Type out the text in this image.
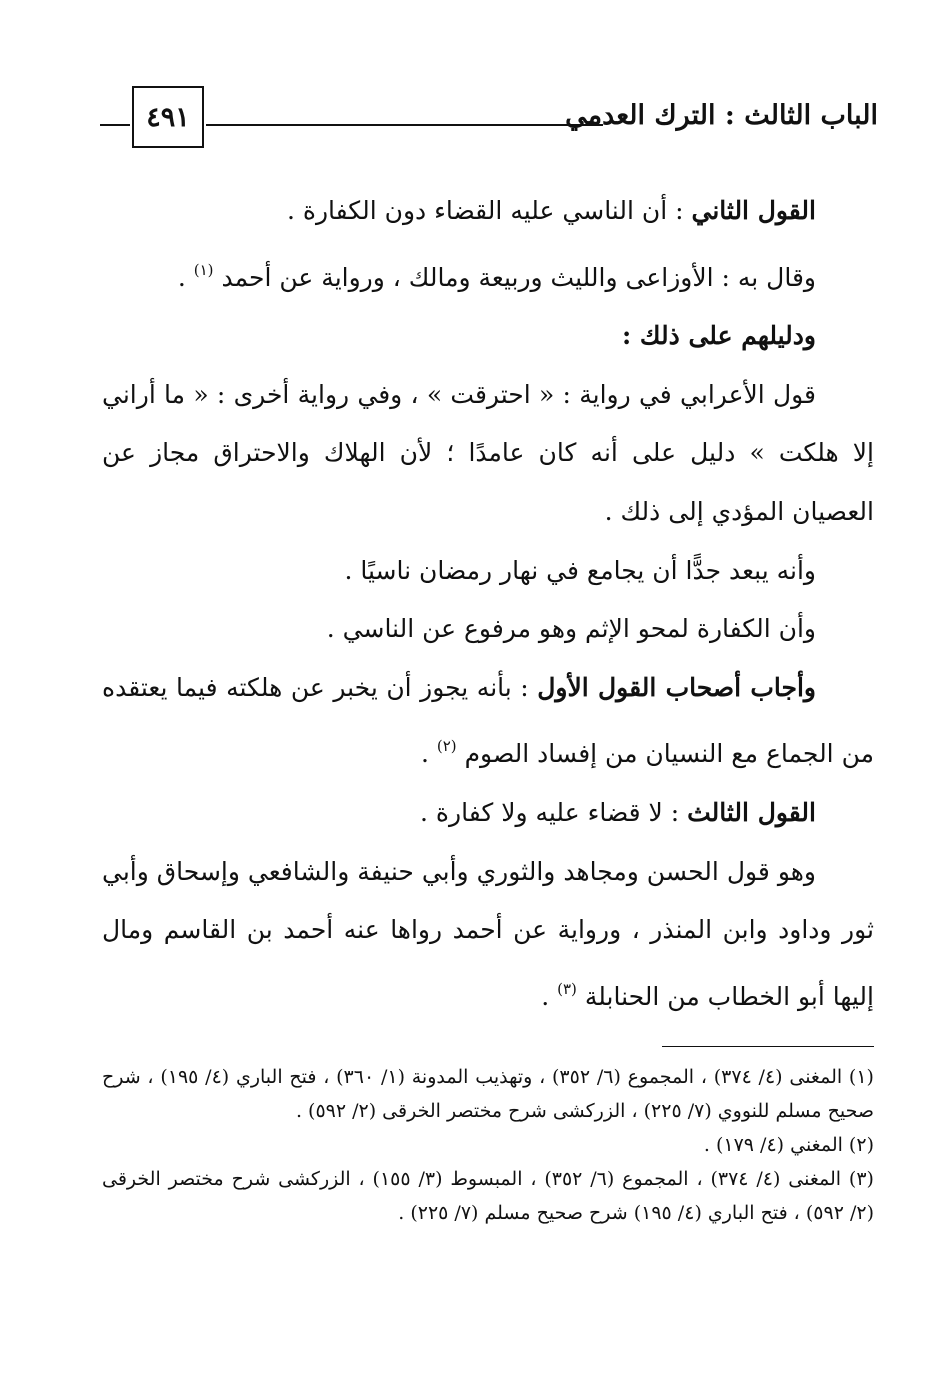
٤٩١	الباب الثالث : الترك العدمي

القول الثاني : أن الناسي عليه القضاء دون الكفارة .

وقال به : الأوزاعى والليث وربيعة ومالك ، ورواية عن أحمد $^{(١)}$ .

ودليلهم على ذلك :

قول الأعرابي في رواية : « احترقت » ، وفي رواية أخرى : « ما أراني إلا هلكت » دليل على أنه كان عامدًا ؛ لأن الهلاك والاحتراق مجاز عن العصيان المؤدي إلى ذلك .

وأنه يبعد جدًّا أن يجامع في نهار رمضان ناسيًا .

وأن الكفارة لمحو الإثم وهو مرفوع عن الناسي .

وأجاب أصحاب القول الأول : بأنه يجوز أن يخبر عن هلكته فيما يعتقده من الجماع مع النسيان من إفساد الصوم $^{(٢)}$ .

القول الثالث : لا قضاء عليه ولا كفارة .

وهو قول الحسن ومجاهد والثوري وأبي حنيفة والشافعي وإسحاق وأبي ثور وداود وابن المنذر ، ورواية عن أحمد رواها عنه أحمد بن القاسم ومال إليها أبو الخطاب من الحنابلة $^{(٣)}$ .

(١) المغنى (٤/ ٣٧٤) ، المجموع (٦/ ٣٥٢) ، وتهذيب المدونة (١/ ٣٦٠) ، فتح الباري (٤/ ١٩٥) ، شرح صحيح مسلم للنووي (٧/ ٢٢٥) ، الزركشى شرح مختصر الخرقى (٢/ ٥٩٢) .

(٢) المغني (٤/ ١٧٩) .

(٣) المغنى (٤/ ٣٧٤) ، المجموع (٦/ ٣٥٢) ، المبسوط (٣/ ١٥٥) ، الزركشى شرح مختصر الخرقى (٢/ ٥٩٢) ، فتح الباري (٤/ ١٩٥) شرح صحيح مسلم (٧/ ٢٢٥) .
